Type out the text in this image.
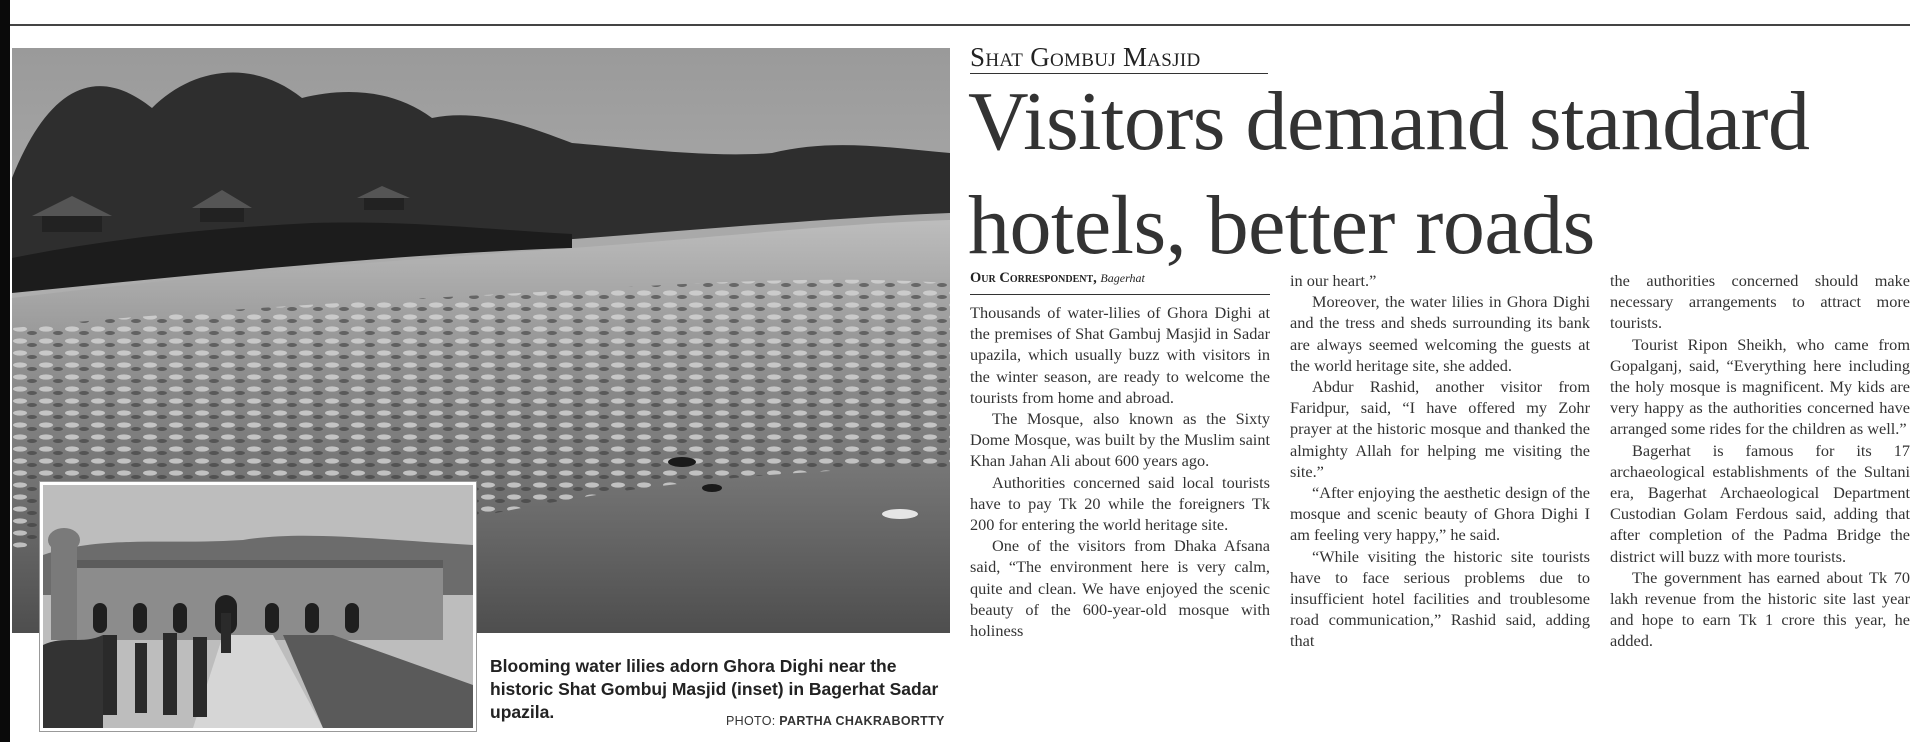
Blooming water lilies adorn Ghora Dighi near the historic Shat Gombuj Masjid (inset) in Bagerhat Sadar upazila.	PHOTO: PARTHA CHAKRABORTTY
Shat Gombuj Masjid
Visitors demand standard
hotels, better roads
Our Correspondent, Bagerhat

Thousands of water-lilies of Ghora Dighi at the premises of Shat Gambuj Masjid in Sadar upazila, which usually buzz with visitors in the winter season, are ready to welcome the tourists from home and abroad.

The Mosque, also known as the Sixty Dome Mosque, was built by the Muslim saint Khan Jahan Ali about 600 years ago.

Authorities concerned said local tourists have to pay Tk 20 while the foreigners Tk 200 for entering the world heritage site.

One of the visitors from Dhaka Afsana said, “The environment here is very calm, quite and clean. We have enjoyed the scenic beauty of the 600-year-old mosque with holiness

in our heart.”

Moreover, the water lilies in Ghora Dighi and the tress and sheds surrounding its bank are always seemed welcoming the guests at the world heritage site, she added.

Abdur Rashid, another visitor from Faridpur, said, “I have offered my Zohr prayer at the historic mosque and thanked the almighty Allah for helping me visiting the site.”

“After enjoying the aesthetic design of the mosque and scenic beauty of Ghora Dighi I am feeling very happy,” he said.

“While visiting the historic site tourists have to face serious problems due to insufficient hotel facilities and troublesome road communication,” Rashid said, adding that

the authorities concerned should make necessary arrangements to attract more tourists.

Tourist Ripon Sheikh, who came from Gopalganj, said, “Everything here including the holy mosque is magnificent. My kids are very happy as the authorities concerned have arranged some rides for the children as well.”

Bagerhat is famous for its 17 archaeological establishments of the Sultani era, Bagerhat Archaeological Department Custodian Golam Ferdous said, adding that after completion of the Padma Bridge the district will buzz with more tourists.

The government has earned about Tk 70 lakh revenue from the historic site last year and hope to earn Tk 1 crore this year, he added.
